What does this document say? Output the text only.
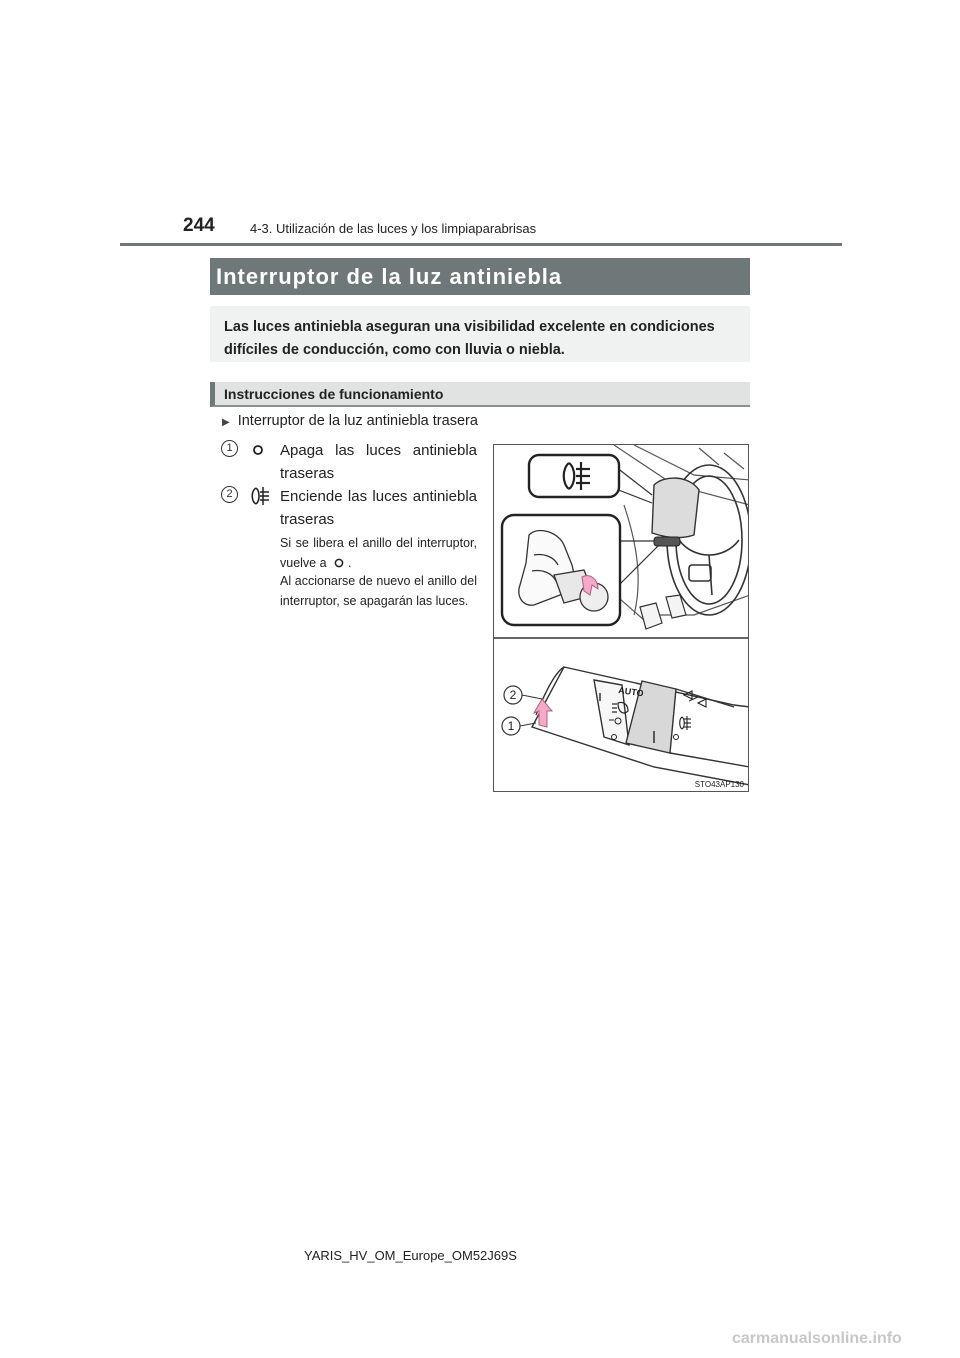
244	4-3. Utilización de las luces y los limpiaparabrisas
Interruptor de la luz antiniebla
Las luces antiniebla aseguran una visibilidad excelente en condiciones difíciles de conducción, como con lluvia o niebla.
Instrucciones de funcionamiento
▶ Interruptor de la luz antiniebla trasera
1	Apaga las luces antiniebla traseras
2	Enciende las luces antiniebla traseras
Si se libera el anillo del interruptor, vuelve a .
Al accionarse de nuevo el anillo del interruptor, se apagarán las luces.
AUTO
2
1
STO43AP130
YARIS_HV_OM_Europe_OM52J69S
carmanualsonline.info
